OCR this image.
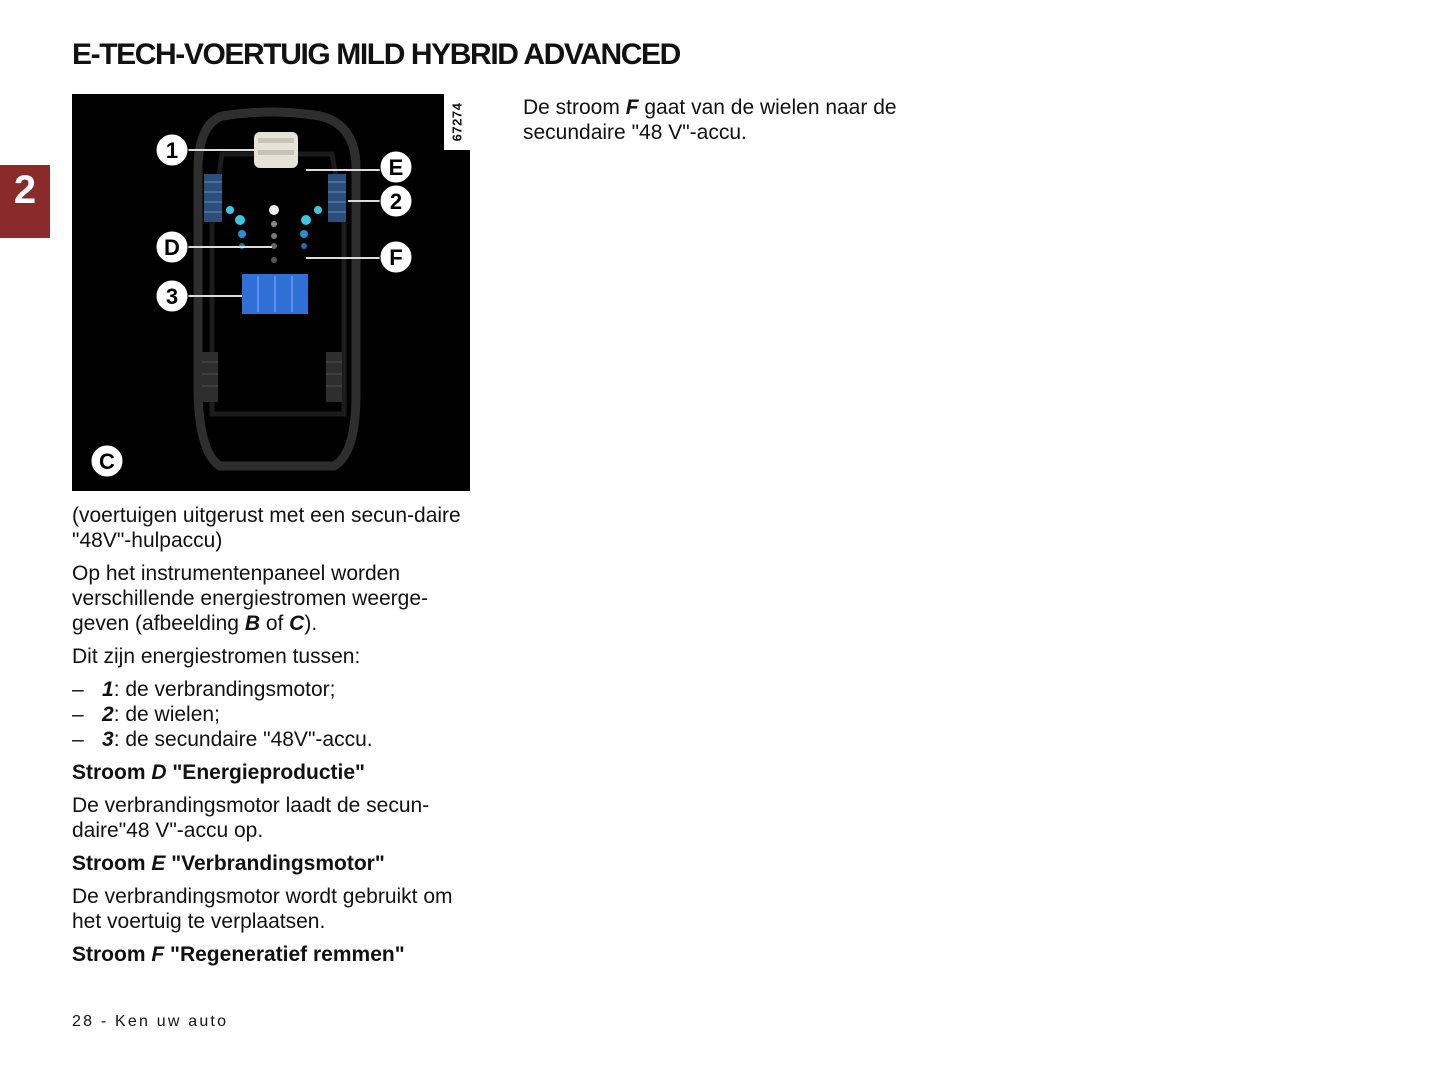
E-TECH-VOERTUIG MILD HYBRID ADVANCED
2
1
E
2
D	F
3
C
67274

(voertuigen uitgerust met een secun-daire "48V"-hulpaccu)

Op het instrumentenpaneel worden verschillende energiestromen weerge-geven (afbeelding B of C).

Dit zijn energiestromen tussen:

– 1: de verbrandingsmotor;
– 2: de wielen;
– 3: de secundaire "48V"-accu.

Stroom D "Energieproductie"

De verbrandingsmotor laadt de secun-daire"48 V"-accu op.

Stroom E "Verbrandingsmotor"

De verbrandingsmotor wordt gebruikt om het voertuig te verplaatsen.

Stroom F "Regeneratief remmen"

De stroom F gaat van de wielen naar de secundaire "48 V"-accu.

28 - Ken uw auto
